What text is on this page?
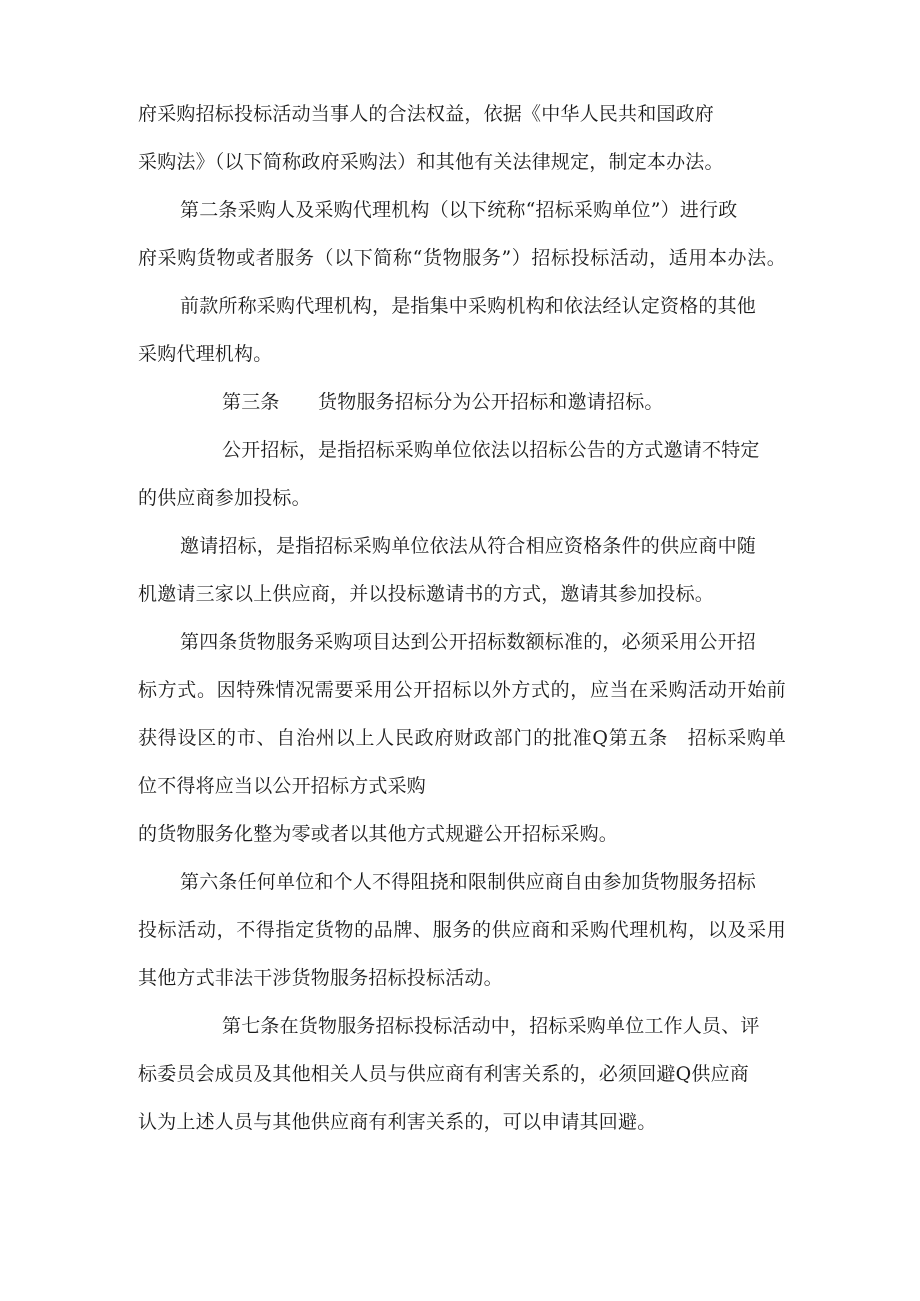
府采购招标投标活动当事人的合法权益，依据《中华人民共和国政府
采购法》（以下简称政府采购法）和其他有关法律规定，制定本办法。
第二条采购人及采购代理机构（以下统称“招标采购单位”）进行政
府采购货物或者服务（以下简称“货物服务”）招标投标活动，适用本办法。
前款所称采购代理机构，是指集中采购机构和依法经认定资格的其他
采购代理机构。
第三条　　货物服务招标分为公开招标和邀请招标。
公开招标，是指招标采购单位依法以招标公告的方式邀请不特定
的供应商参加投标。
邀请招标，是指招标采购单位依法从符合相应资格条件的供应商中随
机邀请三家以上供应商，并以投标邀请书的方式，邀请其参加投标。
第四条货物服务采购项目达到公开招标数额标准的，必须采用公开招
标方式。因特殊情况需要采用公开招标以外方式的，应当在采购活动开始前
获得设区的市、自治州以上人民政府财政部门的批准Q第五条　招标采购单
位不得将应当以公开招标方式采购
的货物服务化整为零或者以其他方式规避公开招标采购。
第六条任何单位和个人不得阻挠和限制供应商自由参加货物服务招标
投标活动，不得指定货物的品牌、服务的供应商和采购代理机构，以及采用
其他方式非法干涉货物服务招标投标活动。
第七条在货物服务招标投标活动中，招标采购单位工作人员、评
标委员会成员及其他相关人员与供应商有利害关系的，必须回避Q供应商
认为上述人员与其他供应商有利害关系的，可以申请其回避。
